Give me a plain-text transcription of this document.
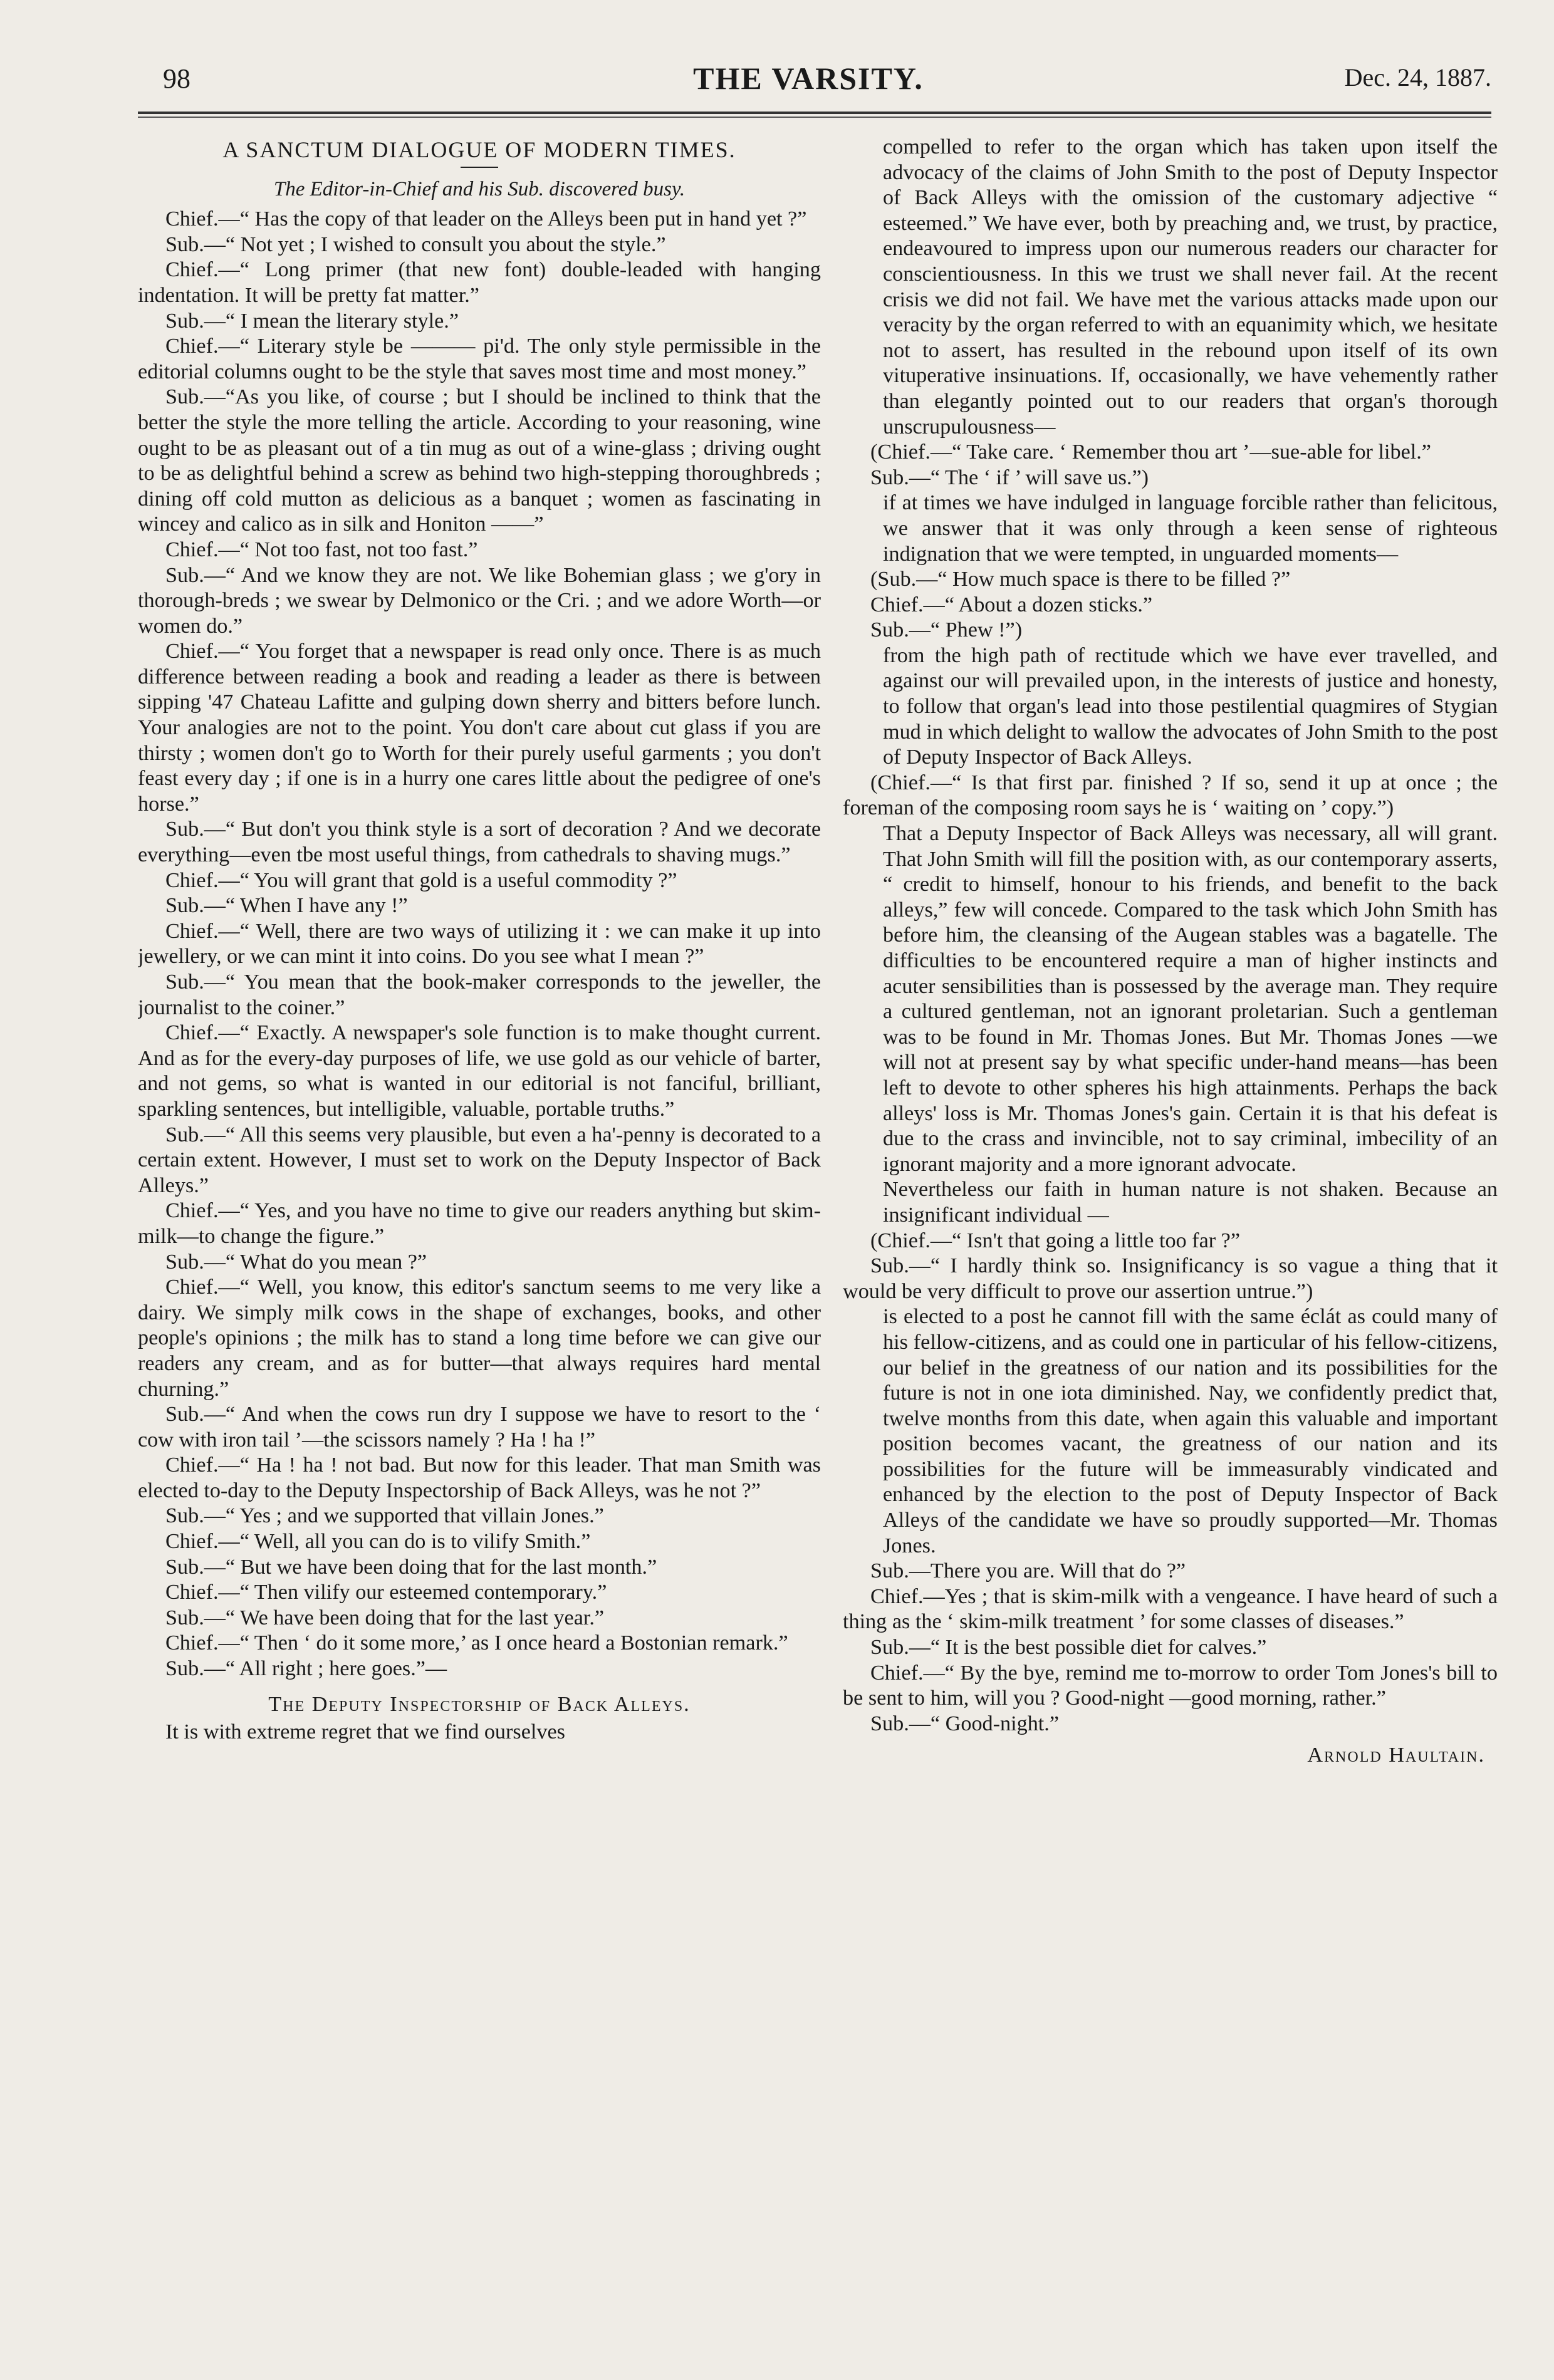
98	THE VARSITY.	Dec. 24, 1887.
A SANCTUM DIALOGUE OF MODERN TIMES.
The Editor-in-Chief and his Sub. discovered busy.

Chief.—“ Has the copy of that leader on the Alleys been put in hand yet ?”

Sub.—“ Not yet ; I wished to consult you about the style.”

Chief.—“ Long primer (that new font) double-leaded with hanging indentation. It will be pretty fat matter.”

Sub.—“ I mean the literary style.”

Chief.—“ Literary style be ——— pi'd. The only style permissible in the editorial columns ought to be the style that saves most time and most money.”

Sub.—“As you like, of course ; but I should be inclined to think that the better the style the more telling the article. According to your reasoning, wine ought to be as pleasant out of a tin mug as out of a wine-glass ; driving ought to be as delightful behind a screw as behind two high-stepping thoroughbreds ; dining off cold mutton as delicious as a banquet ; women as fascinating in wincey and calico as in silk and Honiton ——”

Chief.—“ Not too fast, not too fast.”

Sub.—“ And we know they are not. We like Bohemian glass ; we g'ory in thorough-breds ; we swear by Delmonico or the Cri. ; and we adore Worth—or women do.”

Chief.—“ You forget that a newspaper is read only once. There is as much difference between reading a book and reading a leader as there is between sipping '47 Chateau Lafitte and gulping down sherry and bitters before lunch. Your analogies are not to the point. You don't care about cut glass if you are thirsty ; women don't go to Worth for their purely useful garments ; you don't feast every day ; if one is in a hurry one cares little about the pedigree of one's horse.”

Sub.—“ But don't you think style is a sort of decoration ? And we decorate everything—even tbe most useful things, from cathedrals to shaving mugs.”

Chief.—“ You will grant that gold is a useful commodity ?”

Sub.—“ When I have any !”

Chief.—“ Well, there are two ways of utilizing it : we can make it up into jewellery, or we can mint it into coins. Do you see what I mean ?”

Sub.—“ You mean that the book-maker corresponds to the jeweller, the journalist to the coiner.”

Chief.—“ Exactly. A newspaper's sole function is to make thought current. And as for the every-day purposes of life, we use gold as our vehicle of barter, and not gems, so what is wanted in our editorial is not fanciful, brilliant, sparkling sentences, but intelligible, valuable, portable truths.”

Sub.—“ All this seems very plausible, but even a ha'-penny is decorated to a certain extent. However, I must set to work on the Deputy Inspector of Back Alleys.”

Chief.—“ Yes, and you have no time to give our readers anything but skim-milk—to change the figure.”

Sub.—“ What do you mean ?”

Chief.—“ Well, you know, this editor's sanctum seems to me very like a dairy. We simply milk cows in the shape of exchanges, books, and other people's opinions ; the milk has to stand a long time before we can give our readers any cream, and as for butter—that always requires hard mental churning.”

Sub.—“ And when the cows run dry I suppose we have to resort to the ‘ cow with iron tail ’—the scissors namely ? Ha ! ha !”

Chief.—“ Ha ! ha ! not bad. But now for this leader. That man Smith was elected to-day to the Deputy Inspectorship of Back Alleys, was he not ?”

Sub.—“ Yes ; and we supported that villain Jones.”

Chief.—“ Well, all you can do is to vilify Smith.”

Sub.—“ But we have been doing that for the last month.”

Chief.—“ Then vilify our esteemed contemporary.”

Sub.—“ We have been doing that for the last year.”

Chief.—“ Then ‘ do it some more,’ as I once heard a Bostonian remark.”

Sub.—“ All right ; here goes.”—

The Deputy Inspectorship of Back Alleys.

It is with extreme regret that we find ourselves

compelled to refer to the organ which has taken upon itself the advocacy of the claims of John Smith to the post of Deputy Inspector of Back Alleys with the omission of the customary adjective “ esteemed.” We have ever, both by preaching and, we trust, by practice, endeavoured to impress upon our numerous readers our character for conscientiousness. In this we trust we shall never fail. At the recent crisis we did not fail. We have met the various attacks made upon our veracity by the organ referred to with an equanimity which, we hesitate not to assert, has resulted in the rebound upon itself of its own vituperative insinuations. If, occasionally, we have vehemently rather than elegantly pointed out to our readers that organ's thorough unscrupulousness—

(Chief.—“ Take care. ‘ Remember thou art ’—sue-able for libel.”

Sub.—“ The ‘ if ’ will save us.”)

if at times we have indulged in language forcible rather than felicitous, we answer that it was only through a keen sense of righteous indignation that we were tempted, in unguarded moments—

(Sub.—“ How much space is there to be filled ?”

Chief.—“ About a dozen sticks.”

Sub.—“ Phew !”)

from the high path of rectitude which we have ever travelled, and against our will prevailed upon, in the interests of justice and honesty, to follow that organ's lead into those pestilential quagmires of Stygian mud in which delight to wallow the advocates of John Smith to the post of Deputy Inspector of Back Alleys.

(Chief.—“ Is that first par. finished ? If so, send it up at once ; the foreman of the composing room says he is ‘ waiting on ’ copy.”)

That a Deputy Inspector of Back Alleys was necessary, all will grant. That John Smith will fill the position with, as our contemporary asserts, “ credit to himself, honour to his friends, and benefit to the back alleys,” few will concede. Compared to the task which John Smith has before him, the cleansing of the Augean stables was a bagatelle. The difficulties to be encountered require a man of higher instincts and acuter sensibilities than is possessed by the average man. They require a cultured gentleman, not an ignorant proletarian. Such a gentleman was to be found in Mr. Thomas Jones. But Mr. Thomas Jones —we will not at present say by what specific under-hand means—has been left to devote to other spheres his high attainments. Perhaps the back alleys' loss is Mr. Thomas Jones's gain. Certain it is that his defeat is due to the crass and invincible, not to say criminal, imbecility of an ignorant majority and a more ignorant advocate.

Nevertheless our faith in human nature is not shaken. Because an insignificant individual —

(Chief.—“ Isn't that going a little too far ?”

Sub.—“ I hardly think so. Insignificancy is so vague a thing that it would be very difficult to prove our assertion untrue.”)

is elected to a post he cannot fill with the same éclát as could many of his fellow-citizens, and as could one in particular of his fellow-citizens, our belief in the greatness of our nation and its possibilities for the future is not in one iota diminished. Nay, we confidently predict that, twelve months from this date, when again this valuable and important position becomes vacant, the greatness of our nation and its possibilities for the future will be immeasurably vindicated and enhanced by the election to the post of Deputy Inspector of Back Alleys of the candidate we have so proudly supported—Mr. Thomas Jones.

Sub.—There you are. Will that do ?”

Chief.—Yes ; that is skim-milk with a vengeance. I have heard of such a thing as the ‘ skim-milk treatment ’ for some classes of diseases.”

Sub.—“ It is the best possible diet for calves.”

Chief.—“ By the bye, remind me to-morrow to order Tom Jones's bill to be sent to him, will you ? Good-night —good morning, rather.”

Sub.—“ Good-night.”

Arnold Haultain.
